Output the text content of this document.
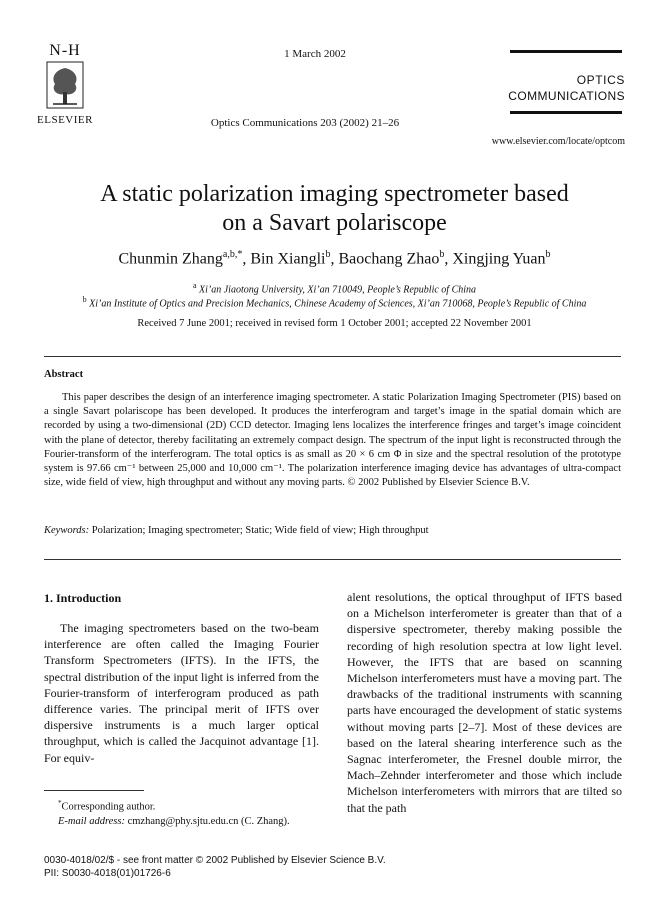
N-H
ELSEVIER
1 March 2002
Optics Communications 203 (2002) 21–26
OPTICS
COMMUNICATIONS
www.elsevier.com/locate/optcom
A static polarization imaging spectrometer based
on a Savart polariscope
Chunmin Zhang$^{a,b,*}$, Bin Xiangli$^b$, Baochang Zhao$^b$, Xingjing Yuan$^b$
$^a$ Xi’an Jiaotong University, Xi’an 710049, People’s Republic of China
$^b$ Xi’an Institute of Optics and Precision Mechanics, Chinese Academy of Sciences, Xi’an 710068, People’s Republic of China
Received 7 June 2001; received in revised form 1 October 2001; accepted 22 November 2001
Abstract

This paper describes the design of an interference imaging spectrometer. A static Polarization Imaging Spectrometer (PIS) based on a single Savart polariscope has been developed. It produces the interferogram and target’s image in the spatial domain which are recorded by using a two-dimensional (2D) CCD detector. Imaging lens localizes the interference fringes and target’s image coincident with the plane of detector, thereby facilitating an extremely compact design. The spectrum of the input light is reconstructed through the Fourier-transform of the interferogram. The total optics is as small as 20 × 6 cm Φ in size and the spectral resolution of the prototype system is 97.66 cm⁻¹ between 25,000 and 10,000 cm⁻¹. The polarization interference imaging device has advantages of ultra-compact size, wide field of view, high throughput and without any moving parts. © 2002 Published by Elsevier Science B.V.

Keywords: Polarization; Imaging spectrometer; Static; Wide field of view; High throughput
1. Introduction

The imaging spectrometers based on the two-beam interference are often called the Imaging Fourier Transform Spectrometers (IFTS). In the IFTS, the spectral distribution of the input light is inferred from the Fourier-transform of interferogram produced as path difference varies. The principal merit of IFTS over dispersive instruments is a much larger optical throughput, which is called the Jacquinot advantage [1]. For equiv-

alent resolutions, the optical throughput of IFTS based on a Michelson interferometer is greater than that of a dispersive spectrometer, thereby making possible the recording of high resolution spectra at low light level. However, the IFTS that are based on scanning Michelson interferometers must have a moving part. The drawbacks of the traditional instruments with scanning parts have encouraged the development of static systems without moving parts [2–7]. Most of these devices are based on the lateral shearing interference such as the Sagnac interferometer, the Fresnel double mirror, the Mach–Zehnder interferometer and those which include Michelson interferometers with mirrors that are tilted so that the path

*Corresponding author.
E-mail address: cmzhang@phy.sjtu.edu.cn (C. Zhang).
0030-4018/02/$ - see front matter © 2002 Published by Elsevier Science B.V.
PII: S0030-4018(01)01726-6
